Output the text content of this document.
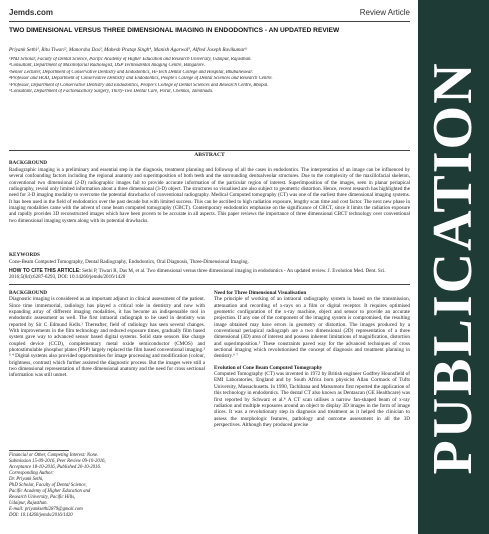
Jemds.com	Review Article
TWO DIMENSIONAL VERSUS THREE DIMENSIONAL IMAGING IN ENDODONTICS - AN UPDATED REVIEW
Priyank Sethi¹, Ritu Tiwari², Manorsha Das³, Mahesh Pratap Singh⁴, Manish Agarwal⁵, Alfred Joseph Ravikumar⁶
¹PhD Scholar, Faculty of Dental Science, Pacific Academy of Higher Education and Research University, Udaipur, Rajasthan.
²Consultant, Department of Maxillofacial Radiologist, DSP Technodental Imaging Centre, Bangalore.
³Senior Lecturer, Department of Conservative Dentistry and Endodontics, Hi-Tech Dental College and Hospital, Bhubaneswar.
⁴Professor and HOD, Department of Conservative Dentistry and Endodontics, People's College of Dental Sciences and Research Centre.
⁵Professor, Department of Conservative Dentistry and Endodontics, People's College of Dental Sciences and Research Centre, Bhopal.
⁶Consultant, Department of Factomaxillary Surgery, Thirty-Two Dental Care, Porur, Chennai, Tamilnadu.
ABSTRACT
BACKGROUND
Radiographic imaging is a preliminary and essential step in the diagnosis, treatment planning and followup of all the cases in endodontics. The interpretation of an image can be influenced by several confounding factors including the regional anatomy and superimposition of both teeth and the surrounding dentoalveolar structures. Due to the complexity of the maxillofacial skeleton, conventional two dimensional (2-D) radiographic images fail to provide accurate information of the particular region of interest. Superimposition of the images, seen in planar periapical radiography, reveal only limited information about a three dimensional (3-D) object. The structures so visualised are also subject to geometric distortion. Hence, recent research has highlighted the need for 3-D imaging modality to overcome the potential drawbacks of conventional radiography. Medical Computed tomography (CT) was one of the earliest three dimensional imaging systems. It has been used in the field of endodontics over the past decade but with limited success. This can be ascribed to high radiation exposure, lengthy scan time and cost factor. The next new phase in imaging modalities came with the advent of cone beam computed tomography (CBCT). Contemporary endodontics emphasise on the significance of CBCT, since it limits the radiation exposure and rapidly provides 3D reconstructed images which have been proven to be accurate in all aspects. This paper reviews the importance of three dimensional CBCT technology over conventional two dimensional imaging system along with its potential drawbacks.
KEYWORDS
Cone-Beam Computed Tomography, Dental Radiography, Endodontics, Oral Diagnosis, Three-Dimensional Imaging.
HOW TO CITE THIS ARTICLE: Sethi P, Tiwari R, Das M, et al. Two dimensional versus three dimensional imaging in endodontics - An updated review. J. Evolution Med. Dent. Sci. 2016;5(84):6287-6293, DOI: 10.14260/jemds/2016/1420
BACKGROUND
Diagnostic imaging is considered as an important adjunct in clinical assessment of the patient. Since time immemorial, radiology has played a critical role in dentistry and now with expanding array of different imaging modalities, it has become an indispensable tool in endodontic assessment as well. The first intraoral radiograph to be used in dentistry was reported by Sir C Edmund Kells.¹ Thereafter, field of radiology has seen several changes. With improvements in the film technology and reduced exposure times, gradually film based system gave way to advanced sensor based digital systems. Solid state sensors like charge coupled device (CCD), complementary metal oxide semiconductor (CMOS) and photostimulable phosphor plates (PSP) largely replaced the film based conventional imaging.² ³ ⁴ Digital systems also provided opportunities for image processing and modification (colour, brightness, contrast) which further assisted the diagnostic process. But the images were still a two dimensional representation of three dimensional anatomy and the need for cross sectional information was still unmet.
Financial or Other, Competing Interest: None.
Submission 15-09-2016, Peer Review 09-10-2016,
Acceptance 18-10-2016, Published 20-10-2016.
Corresponding Author:
Dr. Priyank Sethi,
PhD Scholar, Faculty of Dental Science,
Pacific Academy of Higher Education and
Research University, Pacific Hills,
Udaipur, Rajasthan.
E-mail: priyanksethi2879@gmail.com
DOI: 10.14260/jemds/2016/1420
Need for Three Dimensional Visualisation
The principle of working of an intraoral radiography system is based on the transmission, attenuation and recording of x-rays on a film or digital receptor. It requires optimised geometric configuration of the x-ray machine, object and sensor to provide an accurate projection. If any one of the component of the imaging system is compromised, the resulting image obtained may have errors in geometry or distortion. The images produced by a conventional periapical radiograph are a two dimensional (2D) representation of a three dimensional (3D) area of interest and possess inherent limitations of magnification, distortion and superimposition.⁵ These constraints paved way for the advanced techniques of cross sectional imaging which revolutionised the concept of diagnosis and treatment planning in dentistry.⁶ ⁷
Evolution of Cone Beam Computed Tomography
Computed Tomography (CT) was invented in 1972 by British engineer Godfrey Hounsfield of EMI Laboratories, England and by South Africa born physicist Allan Cormack of Tufts University, Massachusetts. In 1990, Tachibana and Matsumoto first reported the application of this technology in endodontics. The dental CT also known as Dentascan (GE Healthcare) was first reported by Schwarz et al.⁸ A CT scan utilises a narrow fan-shaped beam of x-ray radiation and multiple exposures around an object to display 3D images in the form of image slices. It was a revolutionary step in diagnosis and treatment as it helped the clinician to assess the morphologic features, pathology and outcome assessment in all the 3D perspectives. Although they produced precise	PUBLICATION
